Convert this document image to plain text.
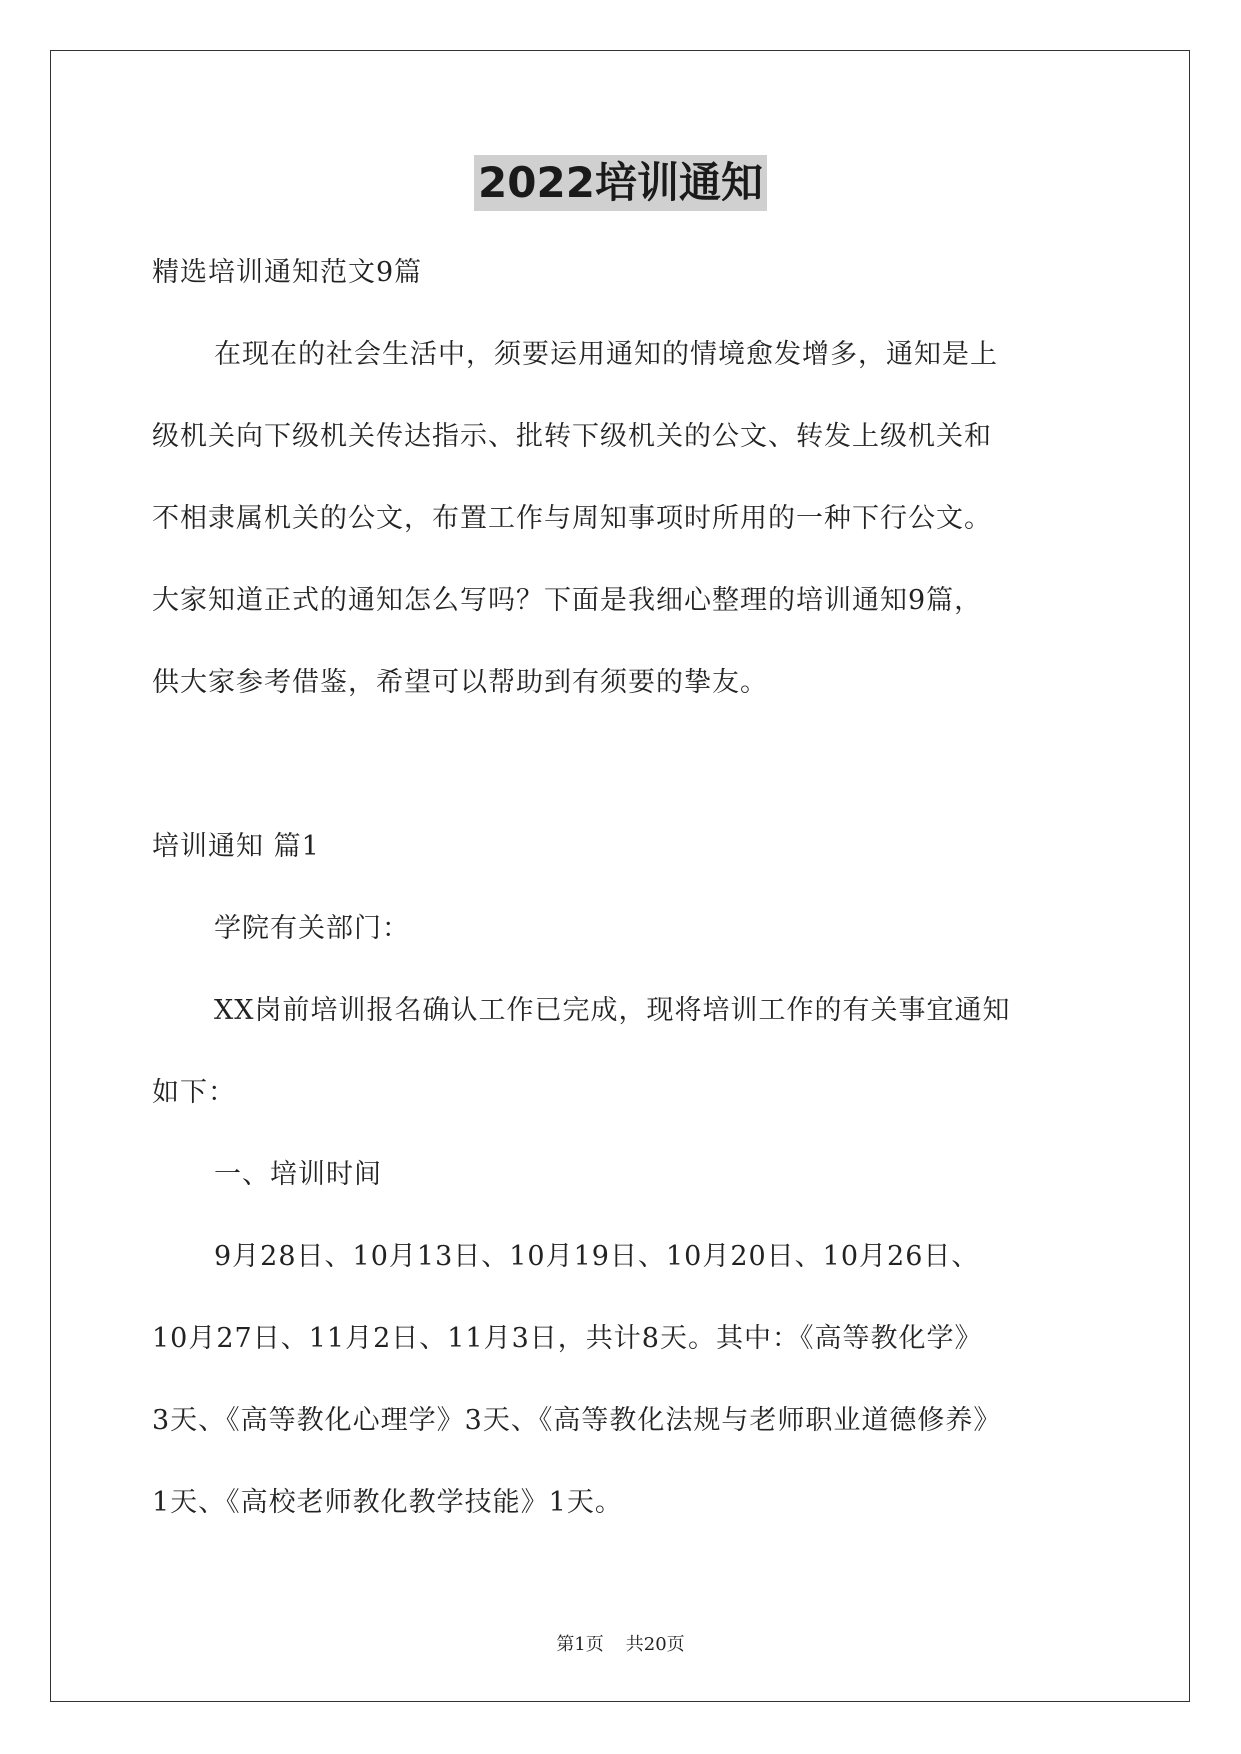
2022培训通知

精选培训通知范文9篇

在现在的社会生活中，须要运用通知的情境愈发增多，通知是上

级机关向下级机关传达指示、批转下级机关的公文、转发上级机关和

不相隶属机关的公文，布置工作与周知事项时所用的一种下行公文。

大家知道正式的通知怎么写吗？下面是我细心整理的培训通知9篇，

供大家参考借鉴，希望可以帮助到有须要的挚友。

培训通知 篇1

学院有关部门：

XX岗前培训报名确认工作已完成，现将培训工作的有关事宜通知

如下：

一、培训时间

9月28日、10月13日、10月19日、10月20日、10月26日、

10月27日、11月2日、11月3日，共计8天。其中：《高等教化学》

3天、《高等教化心理学》3天、《高等教化法规与老师职业道德修养》

1天、《高校老师教化教学技能》1天。

第1页 共20页
